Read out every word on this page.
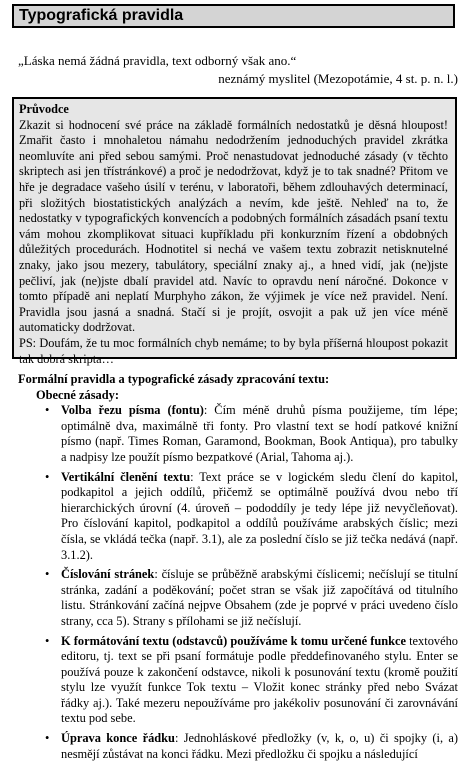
Typografická pravidla
„Láska nemá žádná pravidla, text odborný však ano.“
neznámý myslitel (Mezopotámie, 4 st. p. n. l.)
Průvodce
Zkazit si hodnocení své práce na základě formálních nedostatků je děsná hloupost! Zmařit často i mnohaletou námahu nedodržením jednoduchých pravidel zkrátka neomluvíte ani před sebou samými. Proč nenastudovat jednoduché zásady (v těchto skriptech asi jen třístránkové) a proč je nedodržovat, když je to tak snadné? Přitom ve hře je degradace vašeho úsilí v terénu, v laboratoři, během zdlouhavých determinací, při složitých biostatistických analýzách a nevím, kde ještě. Nehleď na to, že nedostatky v typografických konvencích a podobných formálních zásadách psaní textu vám mohou zkomplikovat situaci kupříkladu při konkurzním řízení a obdobných důležitých procedurách. Hodnotitel si nechá ve vašem textu zobrazit netisknutelné znaky, jako jsou mezery, tabulátory, speciální znaky aj., a hned vidí, jak (ne)jste pečliví, jak (ne)jste dbalí pravidel atd. Navíc to opravdu není náročné. Dokonce v tomto případě ani neplatí Murphyho zákon, že výjimek je více než pravidel. Není. Pravidla jsou jasná a snadná. Stačí si je projít, osvojit a pak už jen více méně automaticky dodržovat.
PS: Doufám, že tu moc formálních chyb nemáme; to by byla příšerná hloupost pokazit tak dobrá skripta…
Formální pravidla a typografické zásady zpracování textu:
Obecné zásady:
• Volba řezu písma (fontu): Čím méně druhů písma použijeme, tím lépe; optimálně dva, maximálně tři fonty. Pro vlastní text se hodí patkové knižní písmo (např. Times Roman, Garamond, Bookman, Book Antiqua), pro tabulky a nadpisy lze použít písmo bezpatkové (Arial, Tahoma aj.).
• Vertikální členění textu: Text práce se v logickém sledu člení do kapitol, podkapitol a jejich oddílů, přičemž se optimálně používá dvou nebo tří hierarchických úrovní (4. úroveň – pododdíly je tedy lépe již nevyčleňovat). Pro číslování kapitol, podkapitol a oddílů používáme arabských číslic; mezi čísla, se vkládá tečka (např. 3.1), ale za poslední číslo se již tečka nedává (např. 3.1.2).
• Číslování stránek: čísluje se průběžně arabskými číslicemi; nečíslují se titulní stránka, zadání a poděkování; počet stran se však již započítává od titulního listu. Stránkování začíná nejpve Obsahem (zde je poprvé v práci uvedeno číslo strany, cca 5). Strany s přílohami se již nečíslují.
• K formátování textu (odstavců) používáme k tomu určené funkce textového editoru, tj. text se při psaní formátuje podle předdefinovaného stylu. Enter se používá pouze k zakončení odstavce, nikoli k posunování textu (kromě použití stylu lze využít funkce Tok textu – Vložit konec stránky před nebo Svázat řádky aj.). Také mezeru nepoužíváme pro jakékoliv posunování či zarovnávání textu pod sebe.
• Úprava konce řádku: Jednohláskové předložky (v, k, o, u) či spojky (i, a) nesmějí zůstávat na konci řádku. Mezi předložku či spojku a následující
